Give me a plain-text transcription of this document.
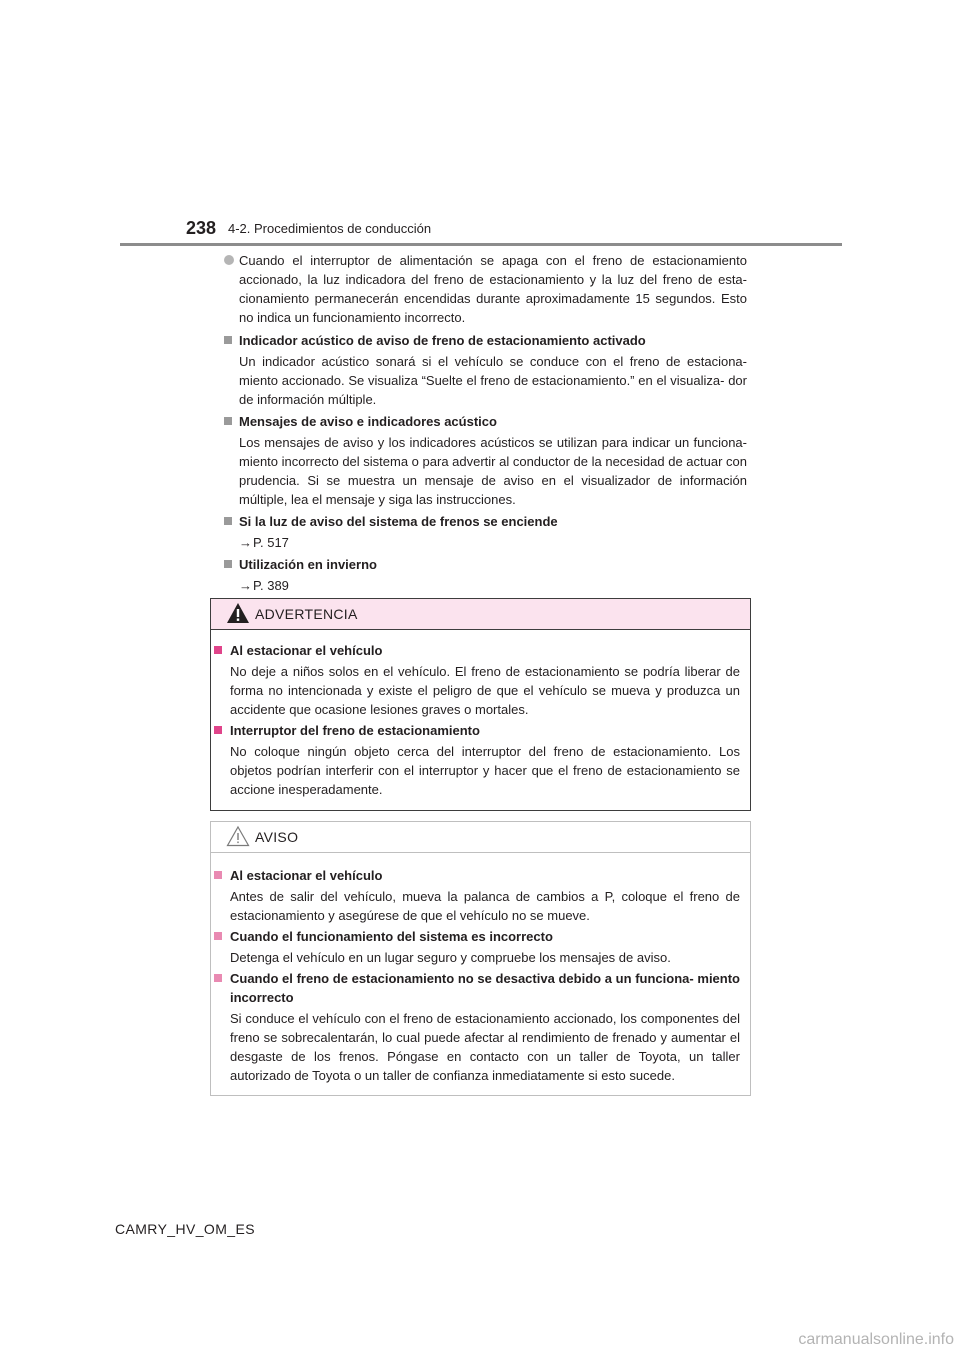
238 4-2. Procedimientos de conducción
Cuando el interruptor de alimentación se apaga con el freno de estacionamiento accionado, la luz indicadora del freno de estacionamiento y la luz del freno de esta- cionamiento permanecerán encendidas durante aproximadamente 15 segundos. Esto no indica un funcionamiento incorrecto.
Indicador acústico de aviso de freno de estacionamiento activado
Un indicador acústico sonará si el vehículo se conduce con el freno de estaciona- miento accionado. Se visualiza “Suelte el freno de estacionamiento.” en el visualiza- dor de información múltiple.
Mensajes de aviso e indicadores acústico
Los mensajes de aviso y los indicadores acústicos se utilizan para indicar un funciona- miento incorrecto del sistema o para advertir al conductor de la necesidad de actuar con prudencia. Si se muestra un mensaje de aviso en el visualizador de información múltiple, lea el mensaje y siga las instrucciones.
Si la luz de aviso del sistema de frenos se enciende
→P. 517
Utilización en invierno
→P. 389
ADVERTENCIA
Al estacionar el vehículo
No deje a niños solos en el vehículo. El freno de estacionamiento se podría liberar de forma no intencionada y existe el peligro de que el vehículo se mueva y produzca un accidente que ocasione lesiones graves o mortales.
Interruptor del freno de estacionamiento
No coloque ningún objeto cerca del interruptor del freno de estacionamiento. Los objetos podrían interferir con el interruptor y hacer que el freno de estacionamiento se accione inesperadamente.
AVISO
Al estacionar el vehículo
Antes de salir del vehículo, mueva la palanca de cambios a P, coloque el freno de estacionamiento y asegúrese de que el vehículo no se mueve.
Cuando el funcionamiento del sistema es incorrecto
Detenga el vehículo en un lugar seguro y compruebe los mensajes de aviso.
Cuando el freno de estacionamiento no se desactiva debido a un funciona- miento incorrecto
Si conduce el vehículo con el freno de estacionamiento accionado, los componentes del freno se sobrecalentarán, lo cual puede afectar al rendimiento de frenado y aumentar el desgaste de los frenos. Póngase en contacto con un taller de Toyota, un taller autorizado de Toyota o un taller de confianza inmediatamente si esto sucede.
CAMRY_HV_OM_ES
carmanualsonline.info
